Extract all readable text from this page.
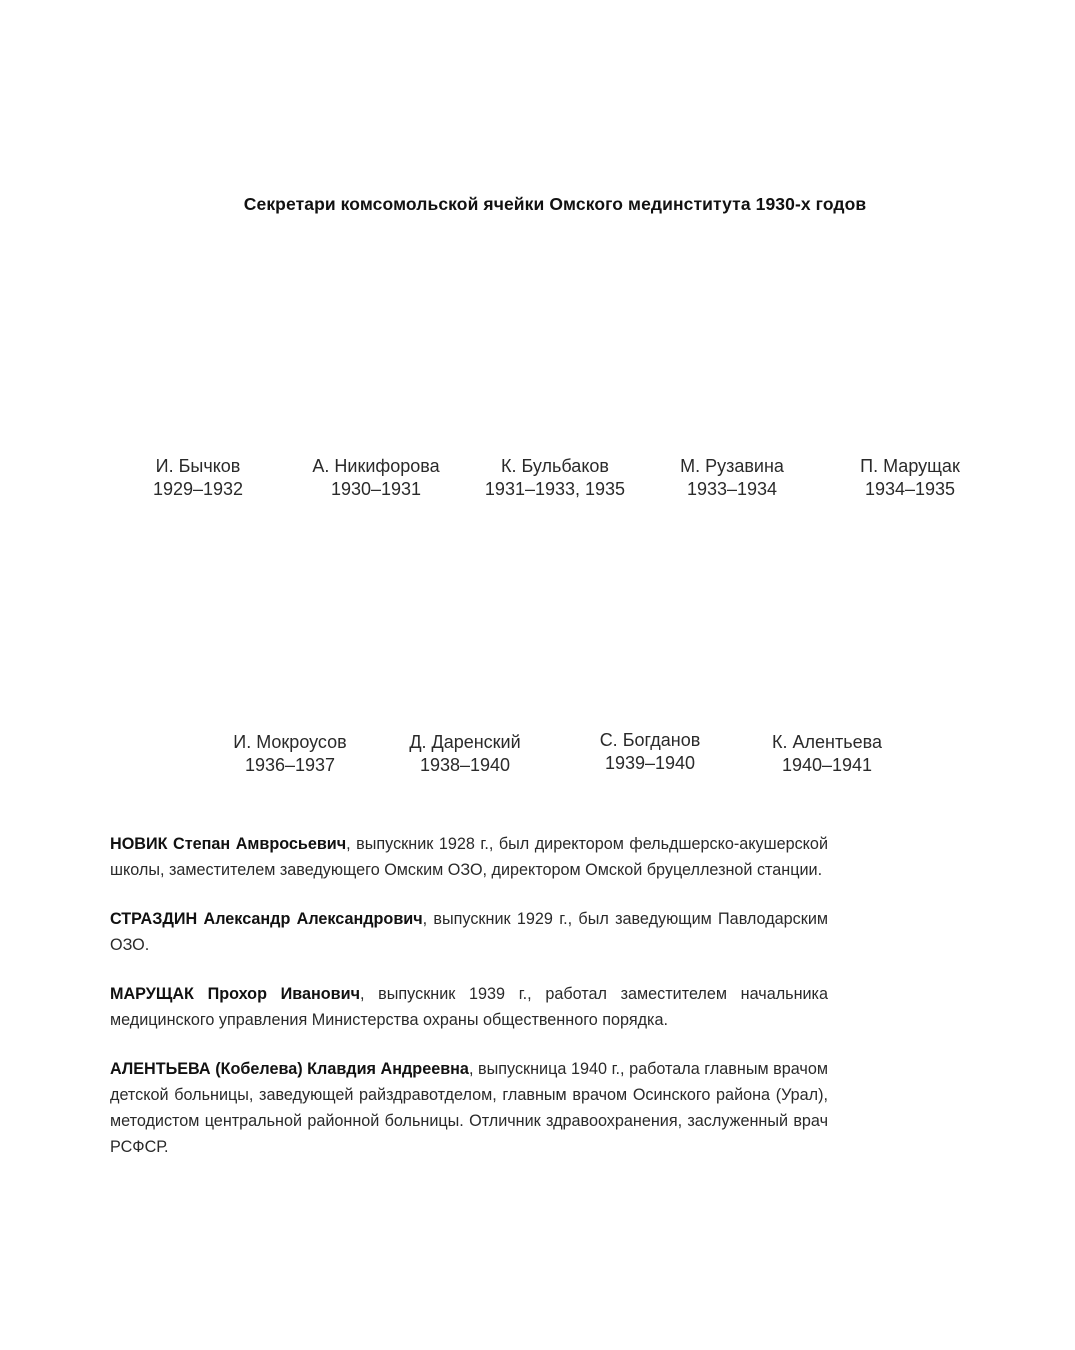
Секретари комсомольской ячейки Омского мединститута 1930-х годов
И. Бычков
1929–1932
А. Никифорова
1930–1931
К. Бульбаков
1931–1933, 1935
М. Рузавина
1933–1934
П. Марущак
1934–1935
И. Мокроусов
1936–1937
Д. Даренский
1938–1940
С. Богданов
1939–1940
К. Алентьева
1940–1941

НОВИК Степан Амвросьевич, выпускник 1928 г., был директором фельдшерско-акушерской школы, заместителем заведующего Омским ОЗО, директором Омской бруцеллезной станции.

СТРАЗДИН Александр Александрович, выпускник 1929 г., был заведующим Павлодарским ОЗО.

МАРУЩАК Прохор Иванович, выпускник 1939 г., работал заместителем начальника медицинского управления Министерства охраны общественного порядка.

АЛЕНТЬЕВА (Кобелева) Клавдия Андреевна, выпускница 1940 г., работала главным врачом детской больницы, заведующей райздравотделом, главным врачом Осинского района (Урал), методистом центральной районной больницы. Отличник здравоохранения, заслуженный врач РСФСР.
